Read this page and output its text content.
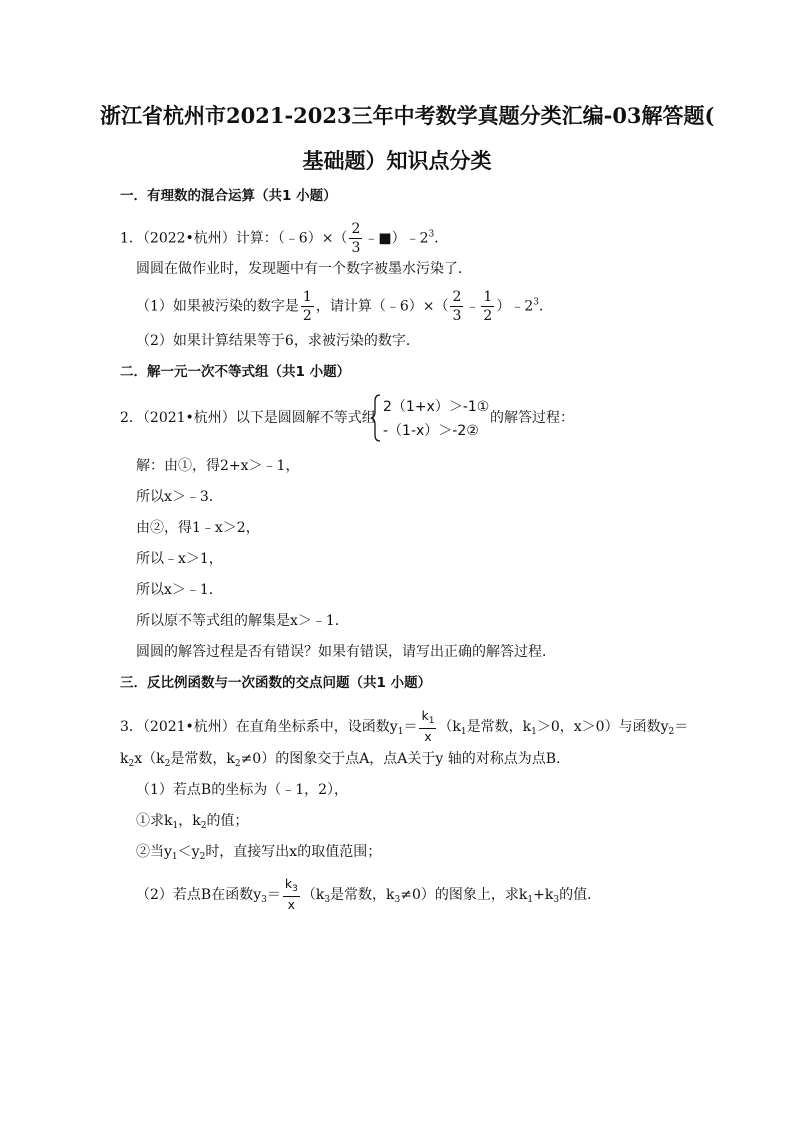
浙江省杭州市2021-2023三年中考数学真题分类汇编-03解答题(
基础题）知识点分类
一．有理数的混合运算（共1 小题）
1．（2022•杭州）计算：（﹣6）×（ $\frac{2}{3}$ $﹣■)﹣2^3$．
圆圆在做作业时，发现题中有一个数字被墨水污染了．
（1）如果被污染的数字是 $\frac{1}{2}$ ，请计算（﹣6）×（ $\frac{2}{3}$ ﹣ $\frac{1}{2}$ ）$﹣2^3$．
（2）如果计算结果等于6，求被污染的数字．
二．解一元一次不等式组（共1 小题）
2．（2021•杭州）以下是圆圆解不等式组
2（1+x）＞-1①
-（1-x）＞-2②
的解答过程：
解：由①，得2+x＞﹣1，
所以x＞﹣3．
由②，得1﹣x＞2，
所以﹣x＞1，
所以x＞﹣1．
所以原不等式组的解集是x＞﹣1．
圆圆的解答过程是否有错误？如果有错误，请写出正确的解答过程．
三．反比例函数与一次函数的交点问题（共1 小题）
3．（2021•杭州）在直角坐标系中，设函数$y_1= \frac{k_1}{x} (k_1$是常数，$k_1>0$，x＞0）与函数$y_2=$
$k_2x(k_2$是常数，$k_2\ne 0$）的图象交于点A，点A关于y 轴的对称点为点B．
（1）若点B的坐标为（﹣1，2），
①求$k_1$，$k_2$的值；
②当$y_1<y_2$时，直接写出x的取值范围；
（2）若点B在函数$y_3= \frac{k_3}{x} (k_3$是常数，$k_3\ne 0$）的图象上，求$k_1+k_3$的值．
